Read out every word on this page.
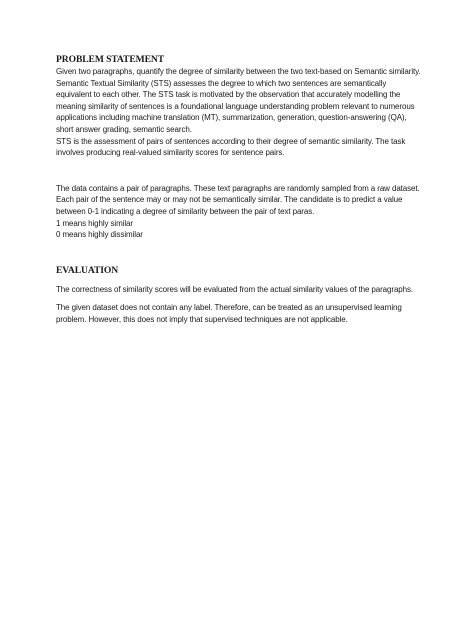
PROBLEM STATEMENT

Given two paragraphs, quantify the degree of similarity between the two text-based on Semantic similarity. Semantic Textual Similarity (STS) assesses the degree to which two sentences are semantically equivalent to each other. The STS task is motivated by the observation that accurately modelling the meaning similarity of sentences is a foundational language understanding problem relevant to numerous applications including machine translation (MT), summarization, generation, question-answering (QA), short answer grading, semantic search.

STS is the assessment of pairs of sentences according to their degree of semantic similarity. The task involves producing real-valued similarity scores for sentence pairs.

The data contains a pair of paragraphs. These text paragraphs are randomly sampled from a raw dataset. Each pair of the sentence may or may not be semantically similar. The candidate is to predict a value between 0-1 indicating a degree of similarity between the pair of text paras.

1 means highly similar
0 means highly dissimilar
EVALUATION

The correctness of similarity scores will be evaluated from the actual similarity values of the paragraphs.

The given dataset does not contain any label. Therefore, can be treated as an unsupervised learning problem. However, this does not imply that supervised techniques are not applicable.
